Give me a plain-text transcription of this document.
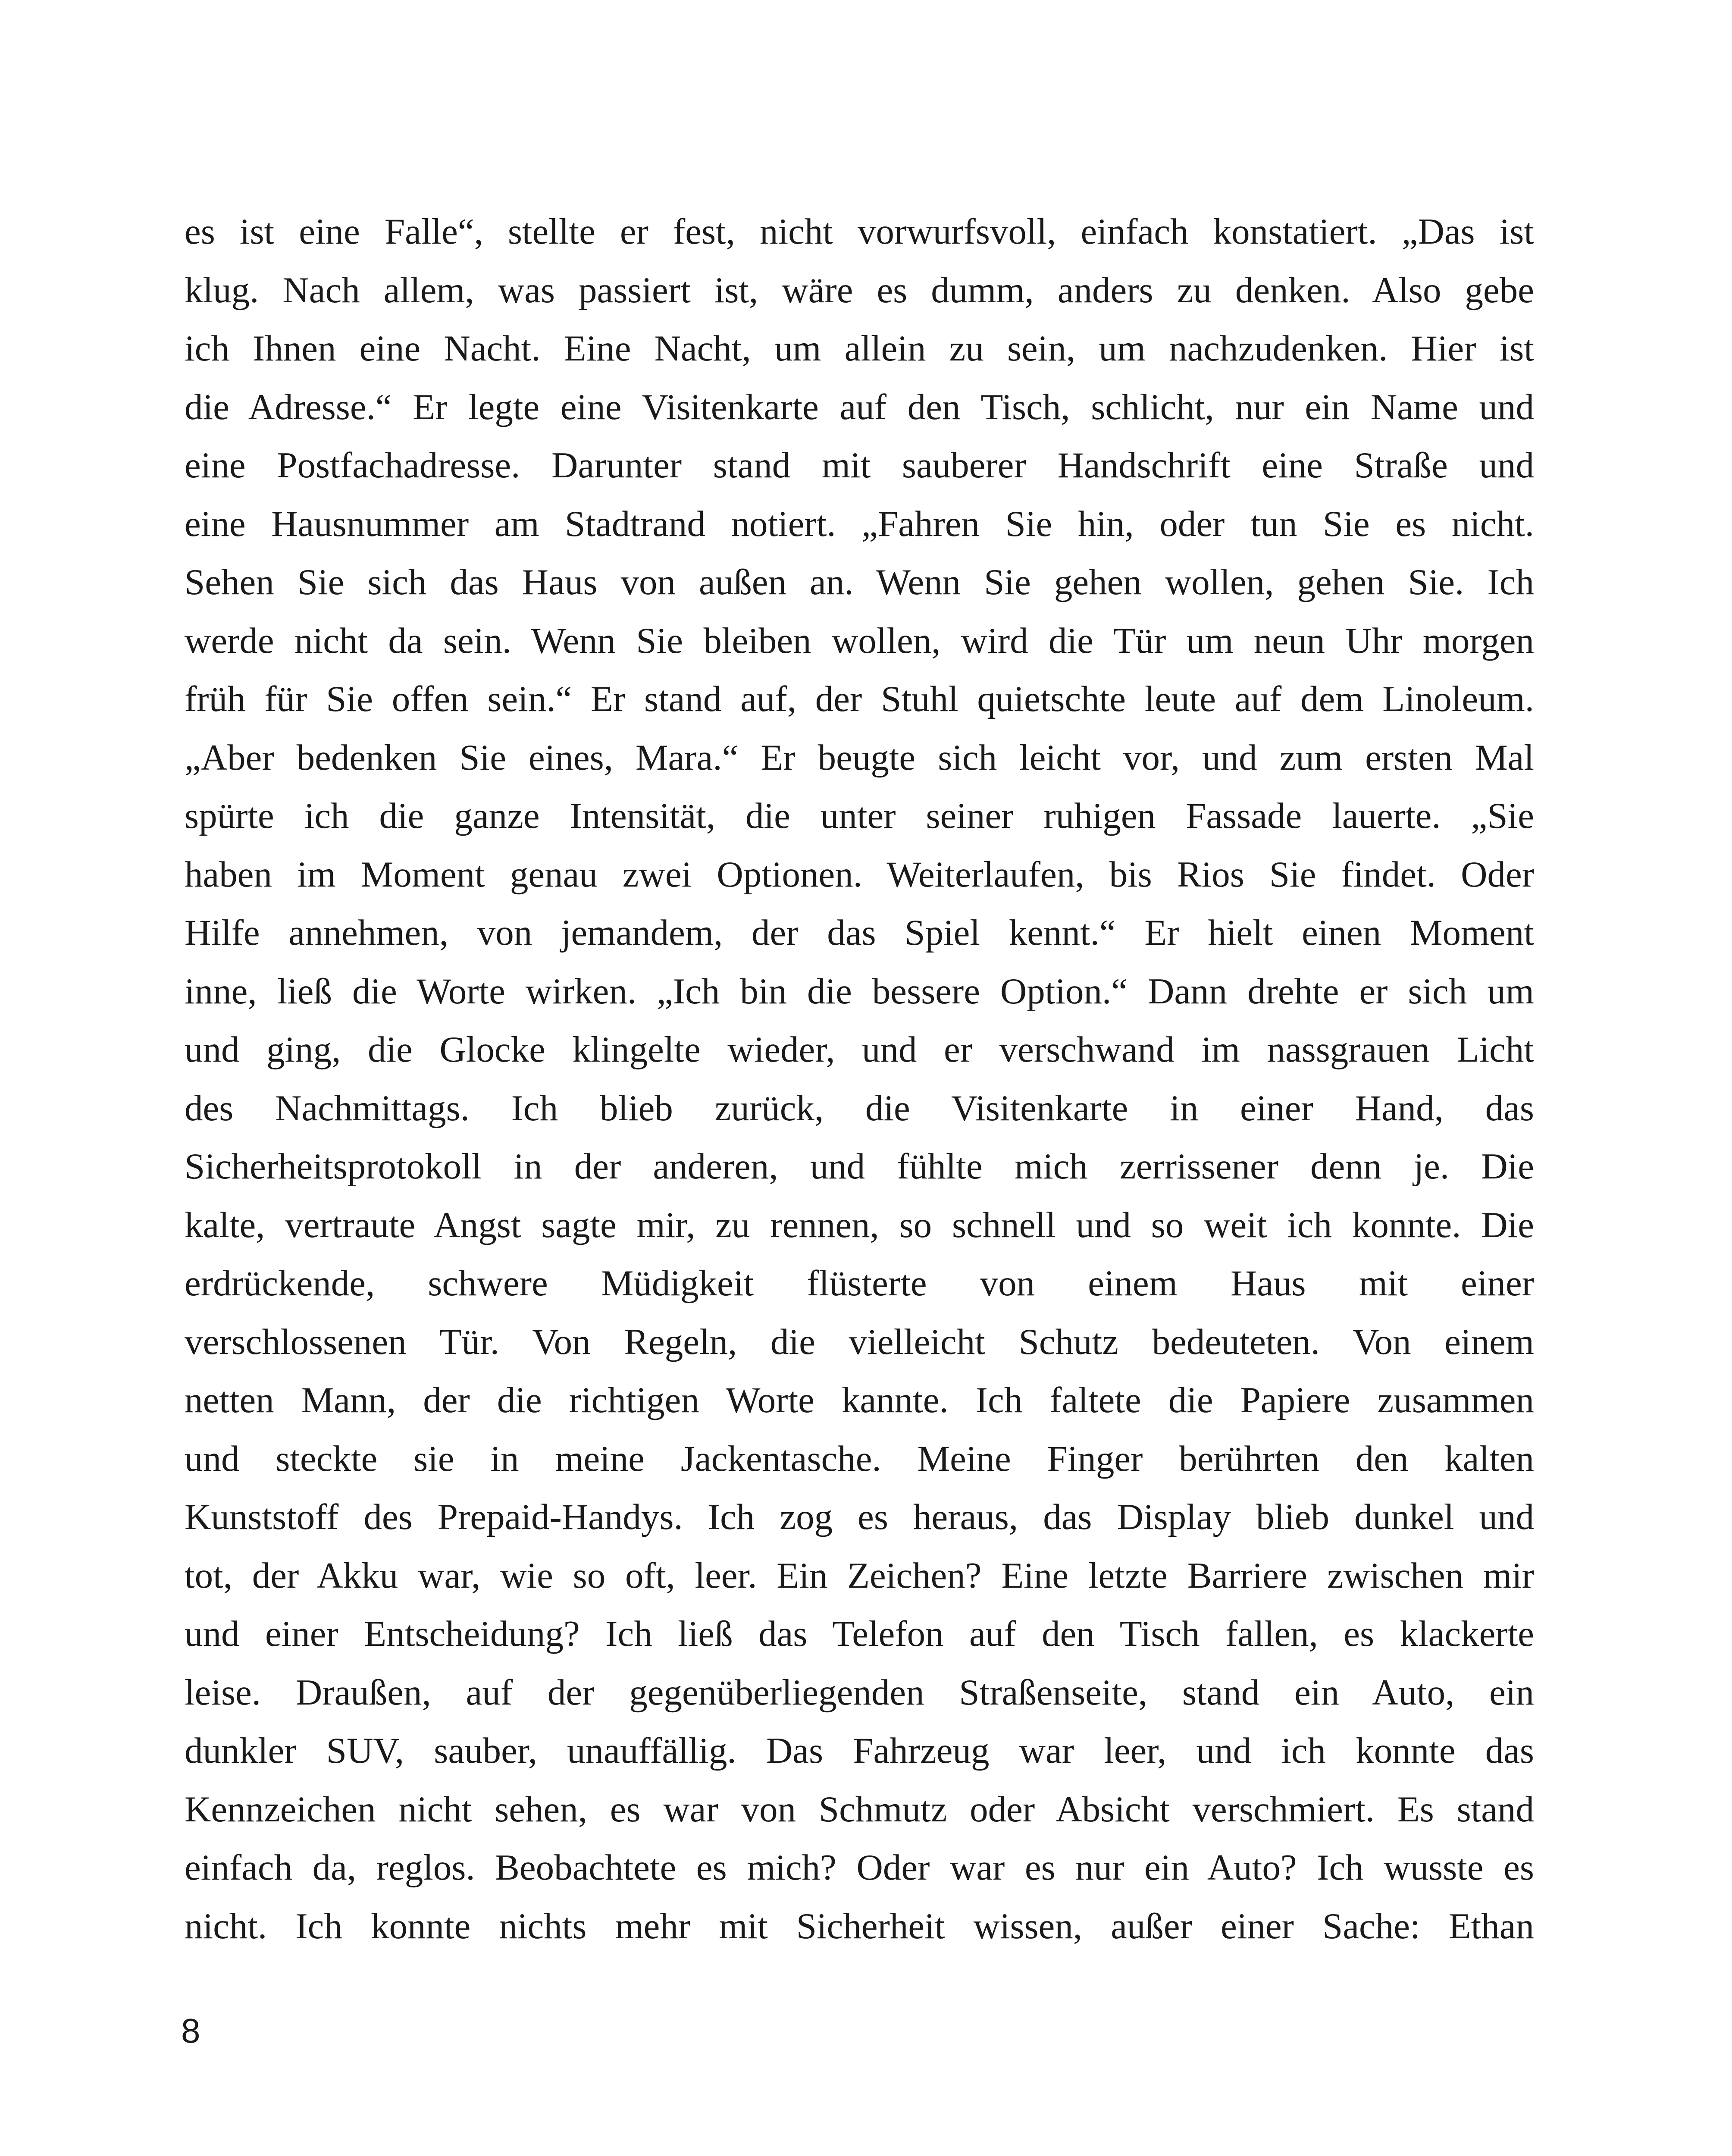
es ist eine Falle“, stellte er fest, nicht vorwurfsvoll, einfach konstatiert. „Das ist
klug. Nach allem, was passiert ist, wäre es dumm, anders zu denken. Also gebe
ich Ihnen eine Nacht. Eine Nacht, um allein zu sein, um nachzudenken. Hier ist
die Adresse.“ Er legte eine Visitenkarte auf den Tisch, schlicht, nur ein Name und
eine Postfachadresse. Darunter stand mit sauberer Handschrift eine Straße und
eine Hausnummer am Stadtrand notiert. „Fahren Sie hin, oder tun Sie es nicht.
Sehen Sie sich das Haus von außen an. Wenn Sie gehen wollen, gehen Sie. Ich
werde nicht da sein. Wenn Sie bleiben wollen, wird die Tür um neun Uhr morgen
früh für Sie offen sein.“ Er stand auf, der Stuhl quietschte leute auf dem Linoleum.
„Aber bedenken Sie eines, Mara.“ Er beugte sich leicht vor, und zum ersten Mal
spürte ich die ganze Intensität, die unter seiner ruhigen Fassade lauerte. „Sie
haben im Moment genau zwei Optionen. Weiterlaufen, bis Rios Sie findet. Oder
Hilfe annehmen, von jemandem, der das Spiel kennt.“ Er hielt einen Moment
inne, ließ die Worte wirken. „Ich bin die bessere Option.“ Dann drehte er sich um
und ging, die Glocke klingelte wieder, und er verschwand im nassgrauen Licht
des Nachmittags. Ich blieb zurück, die Visitenkarte in einer Hand, das
Sicherheitsprotokoll in der anderen, und fühlte mich zerrissener denn je. Die
kalte, vertraute Angst sagte mir, zu rennen, so schnell und so weit ich konnte. Die
erdrückende, schwere Müdigkeit flüsterte von einem Haus mit einer
verschlossenen Tür. Von Regeln, die vielleicht Schutz bedeuteten. Von einem
netten Mann, der die richtigen Worte kannte. Ich faltete die Papiere zusammen
und steckte sie in meine Jackentasche. Meine Finger berührten den kalten
Kunststoff des Prepaid-Handys. Ich zog es heraus, das Display blieb dunkel und
tot, der Akku war, wie so oft, leer. Ein Zeichen? Eine letzte Barriere zwischen mir
und einer Entscheidung? Ich ließ das Telefon auf den Tisch fallen, es klackerte
leise. Draußen, auf der gegenüberliegenden Straßenseite, stand ein Auto, ein
dunkler SUV, sauber, unauffällig. Das Fahrzeug war leer, und ich konnte das
Kennzeichen nicht sehen, es war von Schmutz oder Absicht verschmiert. Es stand
einfach da, reglos. Beobachtete es mich? Oder war es nur ein Auto? Ich wusste es
nicht. Ich konnte nichts mehr mit Sicherheit wissen, außer einer Sache: Ethan
8
